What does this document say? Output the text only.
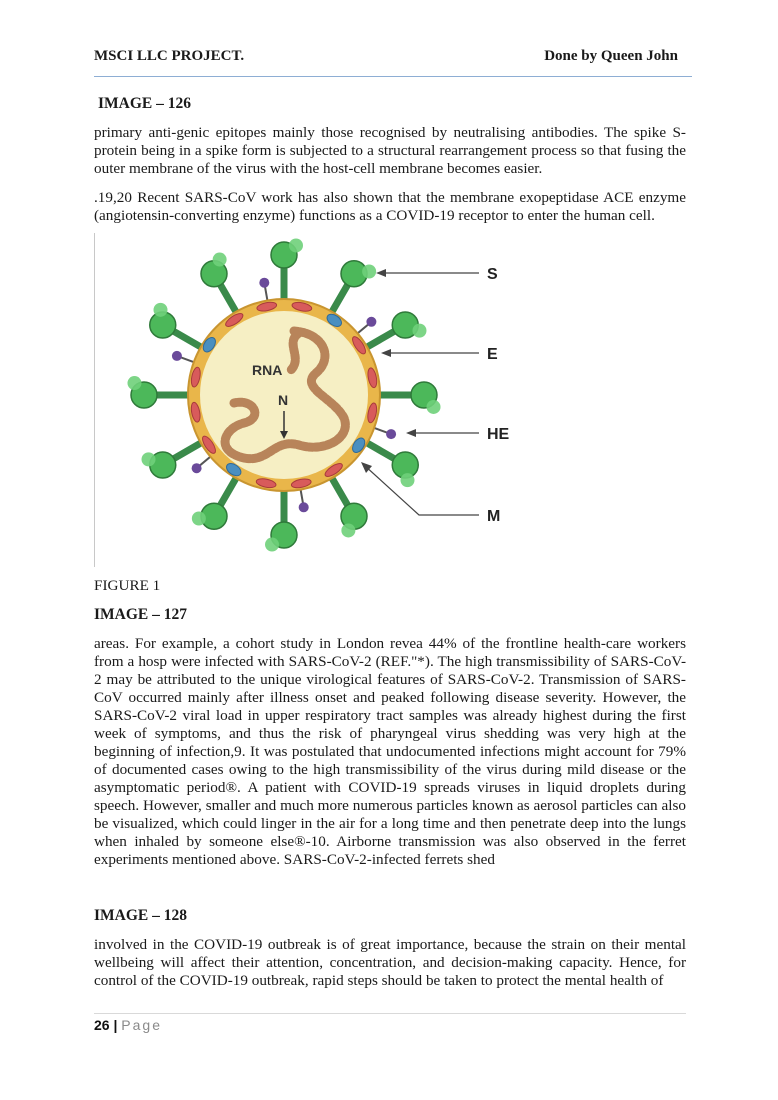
MSCI LLC PROJECT.	Done by Queen John
IMAGE – 126

primary anti-genic epitopes mainly those recognised by neutralising antibodies. The spike S-protein being in a spike form is subjected to a structural rearrangement process so that fusing the outer membrane of the virus with the host-cell membrane becomes easier.

.19,20 Recent SARS-CoV work has also shown that the membrane exopeptidase ACE enzyme (angiotensin-converting enzyme) functions as a COVID-19 receptor to enter the human cell.

RNA
N
S
E
HE
M
FIGURE 1
IMAGE – 127

areas. For example, a cohort study in London revea 44% of the frontline health-care workers from a hosp were infected with SARS-CoV-2 (REF."*). The high transmissibility of SARS-CoV-2 may be attributed to the unique virological features of SARS-CoV-2. Transmission of SARS-CoV occurred mainly after illness onset and peaked following disease severity. However, the SARS-CoV-2 viral load in upper respiratory tract samples was already highest during the first week of symptoms, and thus the risk of pharyngeal virus shedding was very high at the beginning of infection,9. It was postulated that undocumented infections might account for 79% of documented cases owing to the high transmissibility of the virus during mild disease or the asymptomatic period®. A patient with COVID-19 spreads viruses in liquid droplets during speech. However, smaller and much more numerous particles known as aerosol particles can also be visualized, which could linger in the air for a long time and then penetrate deep into the lungs when inhaled by someone else®-10. Airborne transmission was also observed in the ferret experiments mentioned above. SARS-CoV-2-infected ferrets shed

IMAGE – 128

involved in the COVID-19 outbreak is of great importance, because the strain on their mental wellbeing will affect their attention, concentration, and decision-making capacity. Hence, for control of the COVID-19 outbreak, rapid steps should be taken to protect the mental health of

26 | Page
